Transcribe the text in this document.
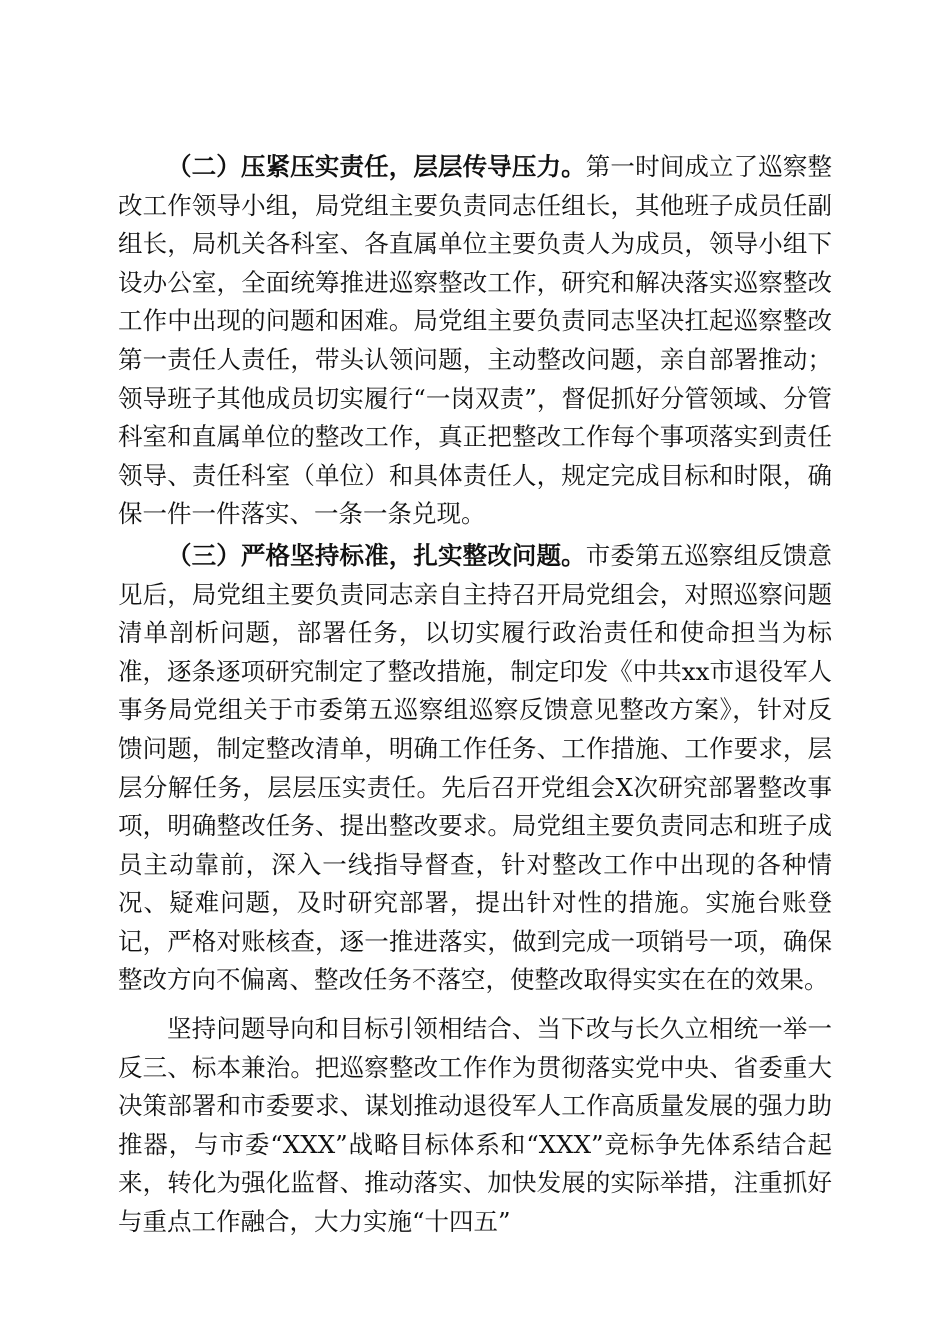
（二）压紧压实责任，层层传导压力。第一时间成立了巡察整改工作领导小组，局党组主要负责同志任组长，其他班子成员任副组长，局机关各科室、各直属单位主要负责人为成员，领导小组下设办公室，全面统筹推进巡察整改工作，研究和解决落实巡察整改工作中出现的问题和困难。局党组主要负责同志坚决扛起巡察整改第一责任人责任，带头认领问题，主动整改问题，亲自部署推动；领导班子其他成员切实履行“一岗双责”，督促抓好分管领域、分管科室和直属单位的整改工作，真正把整改工作每个事项落实到责任领导、责任科室（单位）和具体责任人，规定完成目标和时限，确保一件一件落实、一条一条兑现。

（三）严格坚持标准，扎实整改问题。市委第五巡察组反馈意见后，局党组主要负责同志亲自主持召开局党组会，对照巡察问题清单剖析问题，部署任务，以切实履行政治责任和使命担当为标准，逐条逐项研究制定了整改措施，制定印发《中共xx市退役军人事务局党组关于市委第五巡察组巡察反馈意见整改方案》，针对反馈问题，制定整改清单，明确工作任务、工作措施、工作要求，层层分解任务，层层压实责任。先后召开党组会X次研究部署整改事项，明确整改任务、提出整改要求。局党组主要负责同志和班子成员主动靠前，深入一线指导督查，针对整改工作中出现的各种情况、疑难问题，及时研究部署，提出针对性的措施。实施台账登记，严格对账核查，逐一推进落实，做到完成一项销号一项，确保整改方向不偏离、整改任务不落空，使整改取得实实在在的效果。

坚持问题导向和目标引领相结合、当下改与长久立相统一举一反三、标本兼治。把巡察整改工作作为贯彻落实党中央、省委重大决策部署和市委要求、谋划推动退役军人工作高质量发展的强力助推器，与市委“XXX”战略目标体系和“XXX”竞标争先体系结合起来，转化为强化监督、推动落实、加快发展的实际举措，注重抓好与重点工作融合，大力实施“十四五”
